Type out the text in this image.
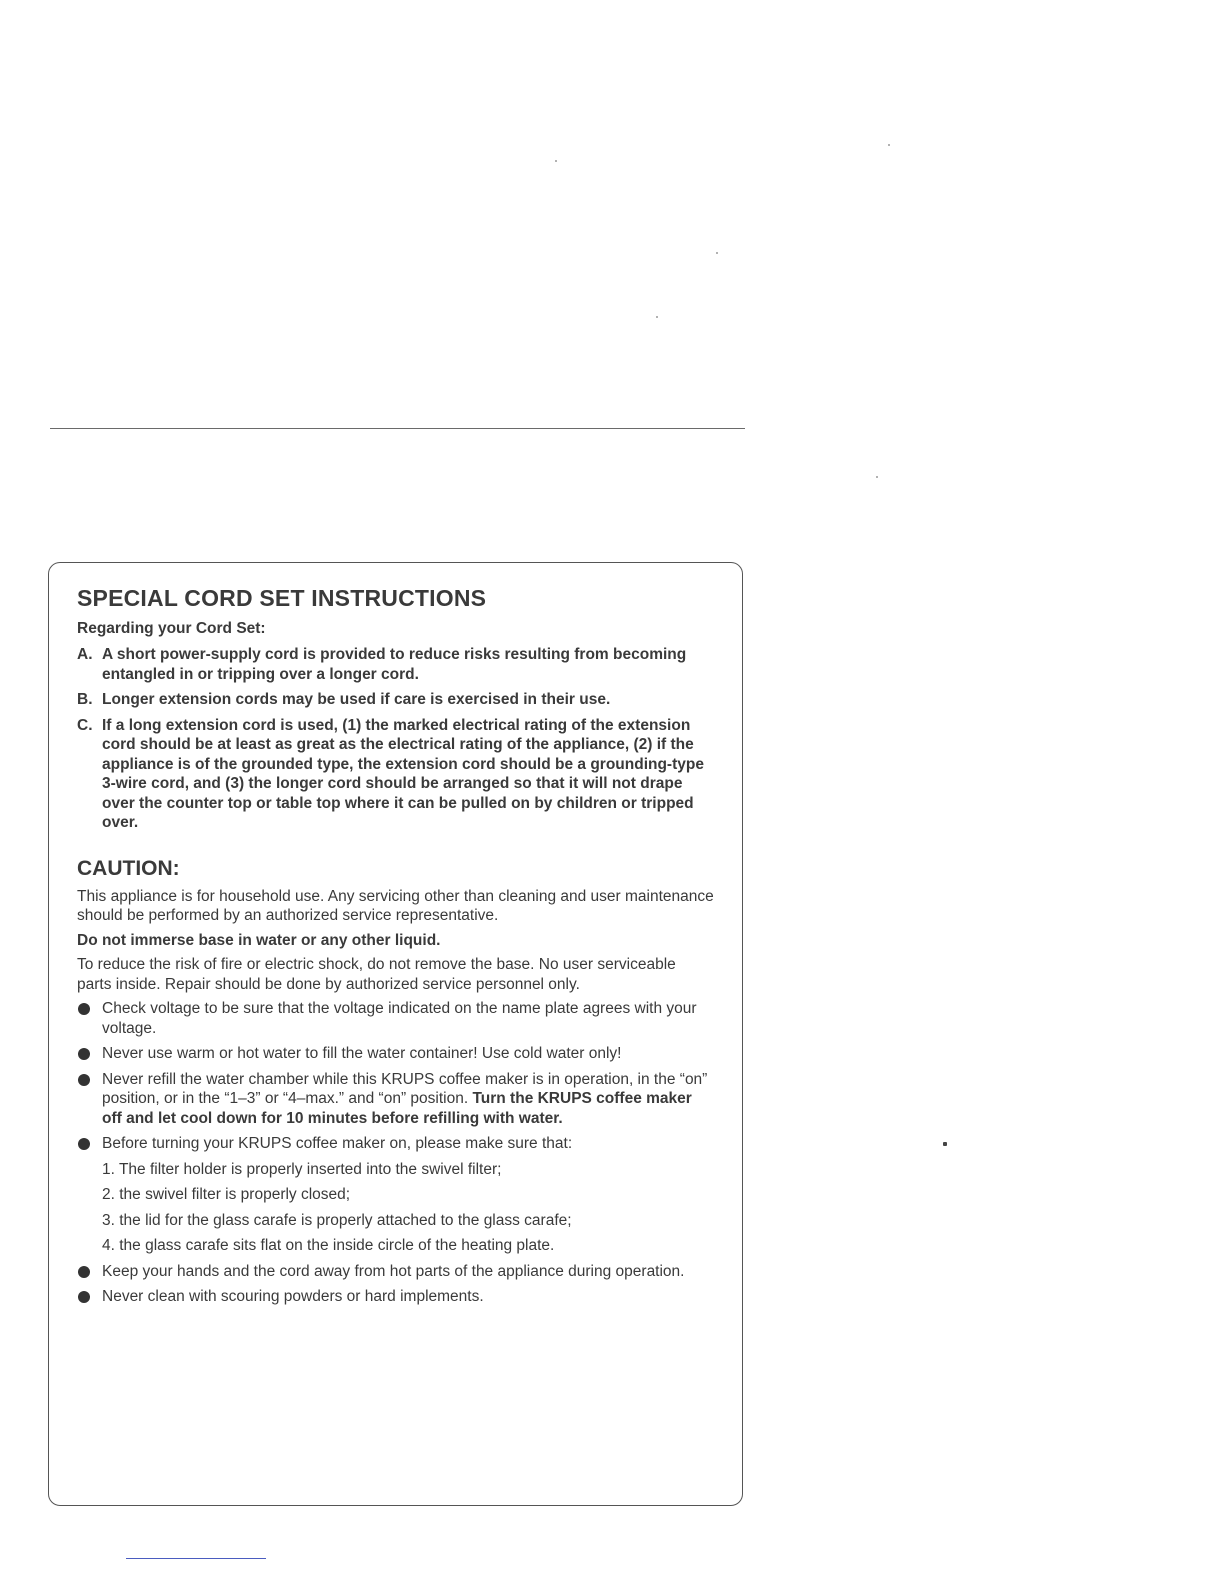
SPECIAL CORD SET INSTRUCTIONS
Regarding your Cord Set:
A. A short power-supply cord is provided to reduce risks resulting from becoming entangled in or tripping over a longer cord.
B. Longer extension cords may be used if care is exercised in their use.
C. If a long extension cord is used, (1) the marked electrical rating of the extension cord should be at least as great as the electrical rating of the appliance, (2) if the appliance is of the grounded type, the extension cord should be a grounding-type 3-wire cord, and (3) the longer cord should be arranged so that it will not drape over the counter top or table top where it can be pulled on by children or tripped over.
CAUTION:

This appliance is for household use. Any servicing other than cleaning and user maintenance should be performed by an authorized service representative.

Do not immerse base in water or any other liquid.

To reduce the risk of fire or electric shock, do not remove the base. No user serviceable parts inside. Repair should be done by authorized service personnel only.

Check voltage to be sure that the voltage indicated on the name plate agrees with your voltage.
Never use warm or hot water to fill the water container! Use cold water only!
Never refill the water chamber while this KRUPS coffee maker is in operation, in the “on” position, or in the “1–3” or “4–max.” and “on” position. Turn the KRUPS coffee maker off and let cool down for 10 minutes before refilling with water.
Before turning your KRUPS coffee maker on, please make sure that:
1. The filter holder is properly inserted into the swivel filter;
2. the swivel filter is properly closed;
3. the lid for the glass carafe is properly attached to the glass carafe;
4. the glass carafe sits flat on the inside circle of the heating plate.
Keep your hands and the cord away from hot parts of the appliance during operation.
Never clean with scouring powders or hard implements.
